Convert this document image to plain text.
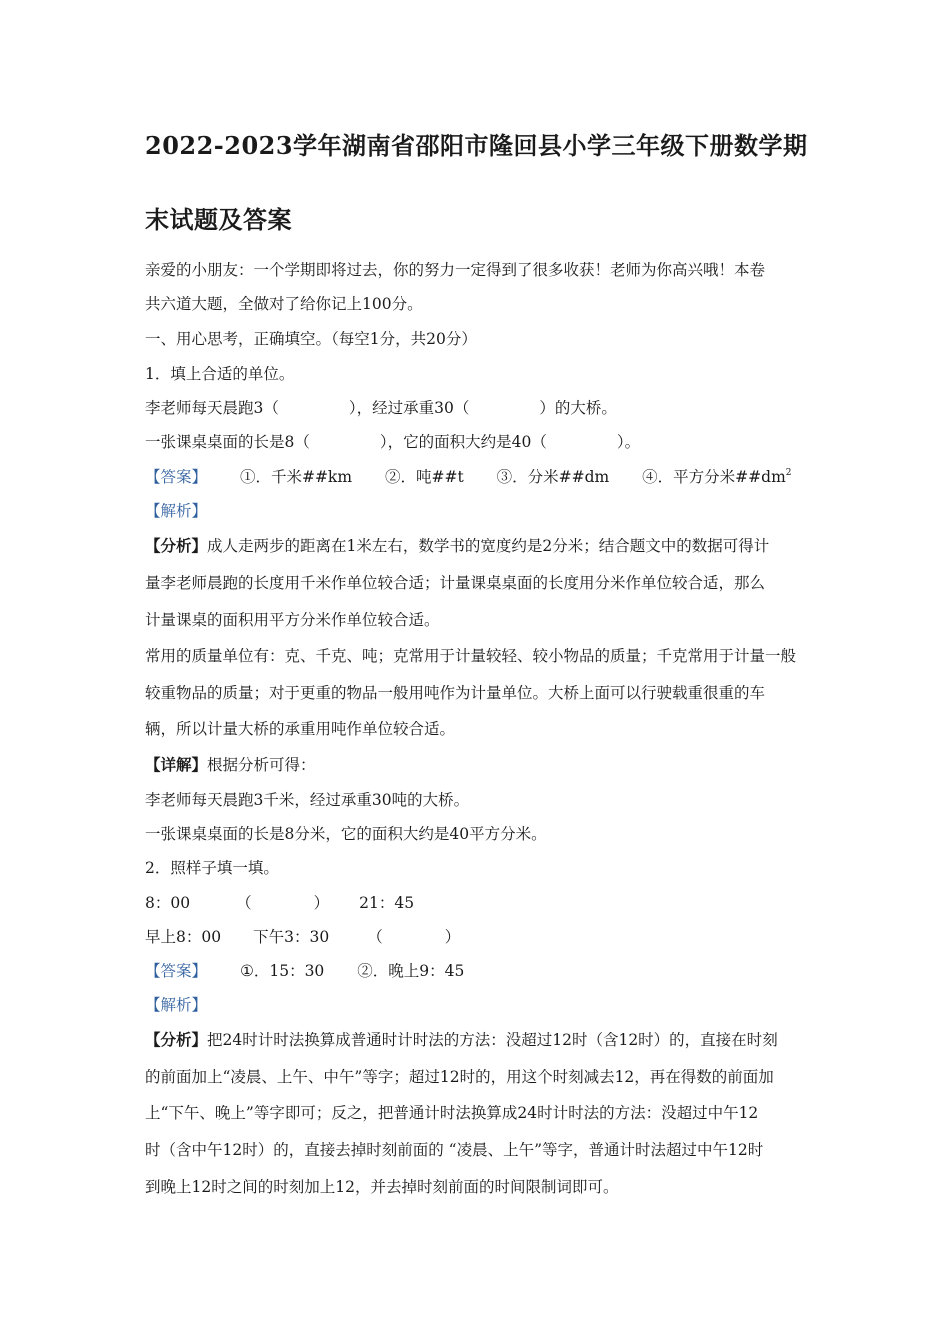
2022-2023学年湖南省邵阳市隆回县小学三年级下册数学期
末试题及答案
亲爱的小朋友：一个学期即将过去，你的努力一定得到了很多收获！老师为你高兴哦！本卷
共六道大题，全做对了给你记上100分。
一、用心思考，正确填空。（每空1分，共20分）
1．填上合适的单位。
李老师每天晨跑3（	），经过承重30（	）的大桥。
一张课桌桌面的长是8（	），它的面积大约是40（	）。
【答案】 ①．千米##km ②．吨##t ③．分米##dm ④．平方分米$\#\#dm^2$
【解析】
【分析】成人走两步的距离在1米左右，数学书的宽度约是2分米；结合题文中的数据可得计
量李老师晨跑的长度用千米作单位较合适；计量课桌桌面的长度用分米作单位较合适，那么
计量课桌的面积用平方分米作单位较合适。
常用的质量单位有：克、千克、吨；克常用于计量较轻、较小物品的质量；千克常用于计量一般
较重物品的质量；对于更重的物品一般用吨作为计量单位。大桥上面可以行驶载重很重的车
辆，所以计量大桥的承重用吨作单位较合适。
【详解】根据分析可得：
李老师每天晨跑3千米，经过承重30吨的大桥。
一张课桌桌面的长是8分米，它的面积大约是40平方分米。
2．照样子填一填。
8：00	（	） 21：45
早上8：00 下午3：30 （	）
【答案】 ①．15：30 ②．晚上9：45
【解析】
【分析】把24时计时法换算成普通时计时法的方法：没超过12时（含12时）的，直接在时刻
的前面加上“凌晨、上午、中午”等字；超过12时的，用这个时刻减去12，再在得数的前面加
上“下午、晚上”等字即可；反之，把普通计时法换算成24时计时法的方法：没超过中午12
时（含中午12时）的，直接去掉时刻前面的 “凌晨、上午”等字，普通计时法超过中午12时
到晚上12时之间的时刻加上12，并去掉时刻前面的时间限制词即可。
